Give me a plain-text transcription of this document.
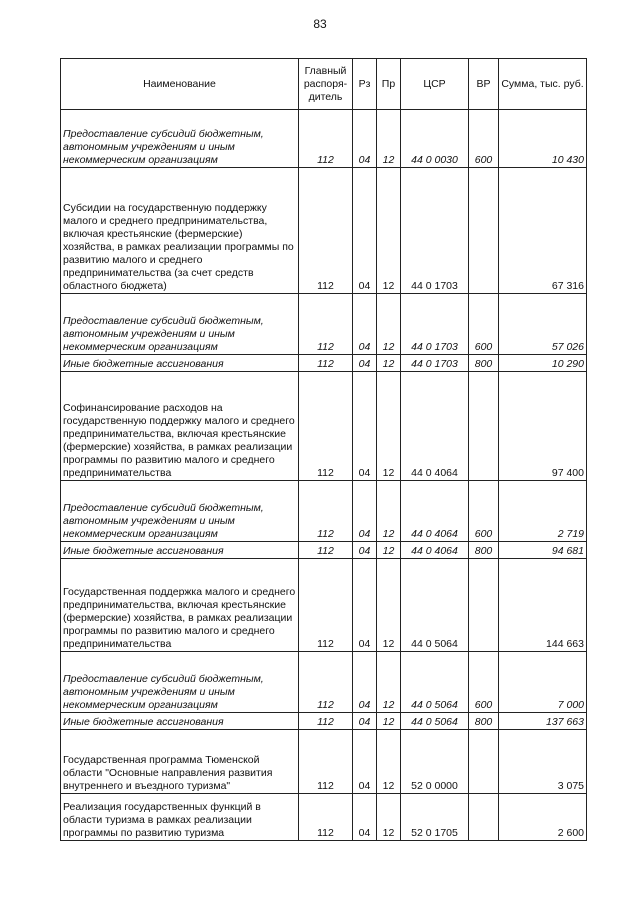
83
Наименование	Главный распоря-дитель	Рз	Пр	ЦСР	ВР	Сумма, тыс. руб.
Предоставление субсидий бюджетным, автономным учреждениям и иным некоммерческим организациям	112	04	12	44 0 0030	600	10 430
Субсидии на государственную поддержку малого и среднего предпринимательства, включая крестьянские (фермерские) хозяйства, в рамках реализации программы по развитию малого и среднего предпринимательства (за счет средств областного бюджета)	112	04	12	44 0 1703		67 316
Предоставление субсидий бюджетным, автономным учреждениям и иным некоммерческим организациям	112	04	12	44 0 1703	600	57 026
Иные бюджетные ассигнования	112	04	12	44 0 1703	800	10 290
Софинансирование расходов на государственную поддержку малого и среднего предпринимательства, включая крестьянские (фермерские) хозяйства, в рамках реализации программы по развитию малого и среднего предпринимательства	112	04	12	44 0 4064		97 400
Предоставление субсидий бюджетным, автономным учреждениям и иным некоммерческим организациям	112	04	12	44 0 4064	600	2 719
Иные бюджетные ассигнования	112	04	12	44 0 4064	800	94 681
Государственная поддержка малого и среднего предпринимательства, включая крестьянские (фермерские) хозяйства, в рамках реализации программы по развитию малого и среднего предпринимательства	112	04	12	44 0 5064		144 663
Предоставление субсидий бюджетным, автономным учреждениям и иным некоммерческим организациям	112	04	12	44 0 5064	600	7 000
Иные бюджетные ассигнования	112	04	12	44 0 5064	800	137 663
Государственная программа Тюменской области "Основные направления развития внутреннего и въездного туризма"	112	04	12	52 0 0000		3 075
Реализация государственных функций в области туризма в рамках реализации программы по развитию туризма	112	04	12	52 0 1705		2 600
